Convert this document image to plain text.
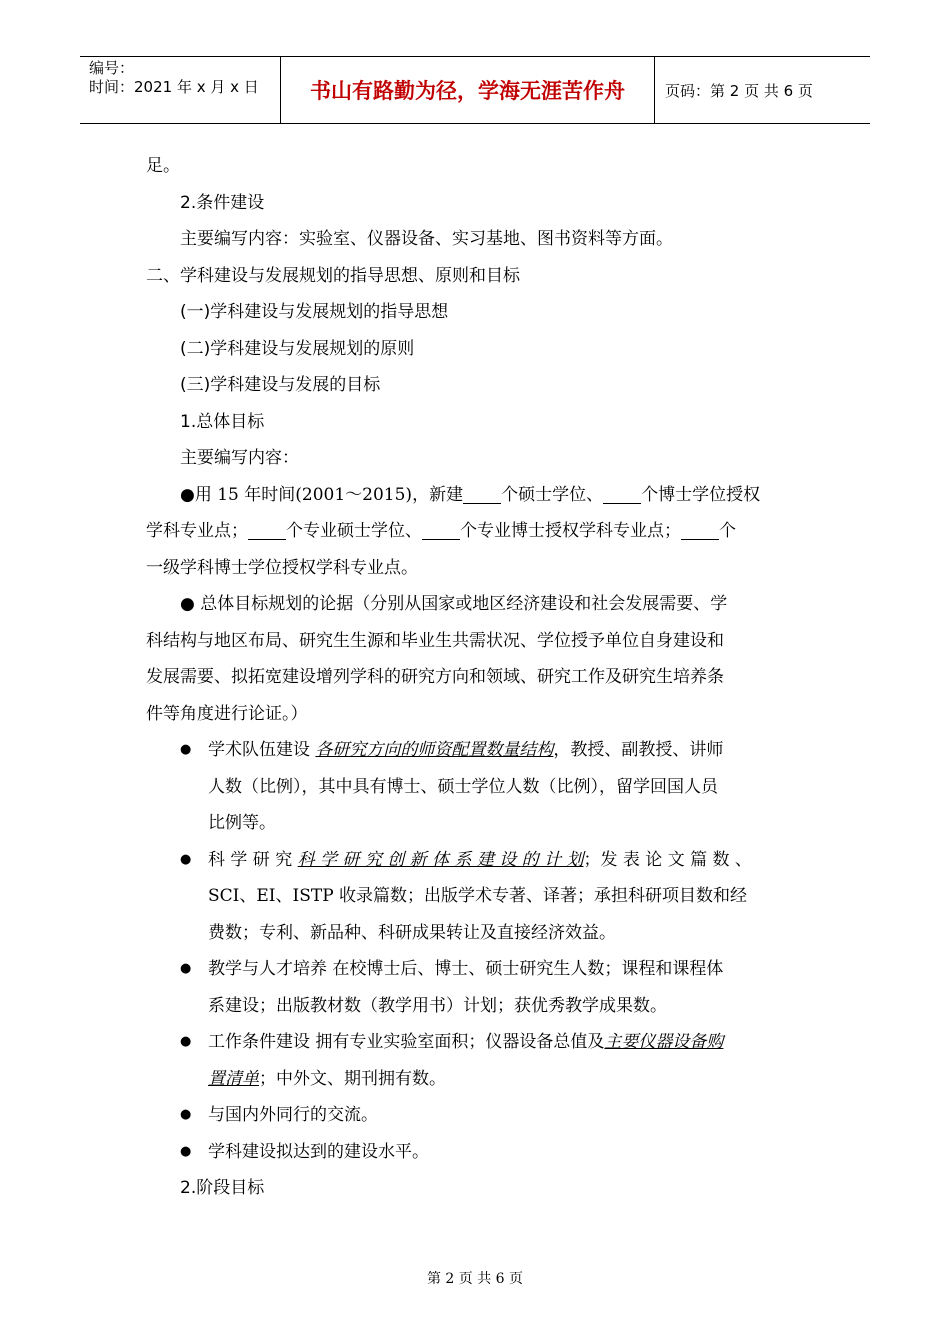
编号：
时间：2021 年 x 月 x 日	书山有路勤为径，学海无涯苦作舟	页码：第 2 页 共 6 页
足。
2.条件建设
主要编写内容：实验室、仪器设备、实习基地、图书资料等方面。
二、学科建设与发展规划的指导思想、原则和目标
(一)学科建设与发展规划的指导思想
(二)学科建设与发展规划的原则
(三)学科建设与发展的目标
1.总体目标
主要编写内容：
●用 15 年时间(2001～2015)，新建 个硕士学位、 个博士学位授权
学科专业点； 个专业硕士学位、 个专业博士授权学科专业点； 个
一级学科博士学位授权学科专业点。
● 总体目标规划的论据（分别从国家或地区经济建设和社会发展需要、学
科结构与地区布局、研究生生源和毕业生共需状况、学位授予单位自身建设和
发展需要、拟拓宽建设增列学科的研究方向和领域、研究工作及研究生培养条
件等角度进行论证。）
● 学术队伍建设 各研究方向的师资配置数量结构，教授、副教授、讲师
人数（比例），其中具有博士、硕士学位人数（比例），留学回国人员
比例等。
● 科 学 研 究 科 学 研 究 创 新 体 系 建 设 的 计 划；发 表 论 文 篇 数 、
SCI、EI、ISTP 收录篇数；出版学术专著、译著；承担科研项目数和经
费数；专利、新品种、科研成果转让及直接经济效益。
● 教学与人才培养 在校博士后、博士、硕士研究生人数；课程和课程体
系建设；出版教材数（教学用书）计划；获优秀教学成果数。
● 工作条件建设 拥有专业实验室面积；仪器设备总值及主要仪器设备购
置清单；中外文、期刊拥有数。
● 与国内外同行的交流。
● 学科建设拟达到的建设水平。
2.阶段目标
第 2 页 共 6 页
